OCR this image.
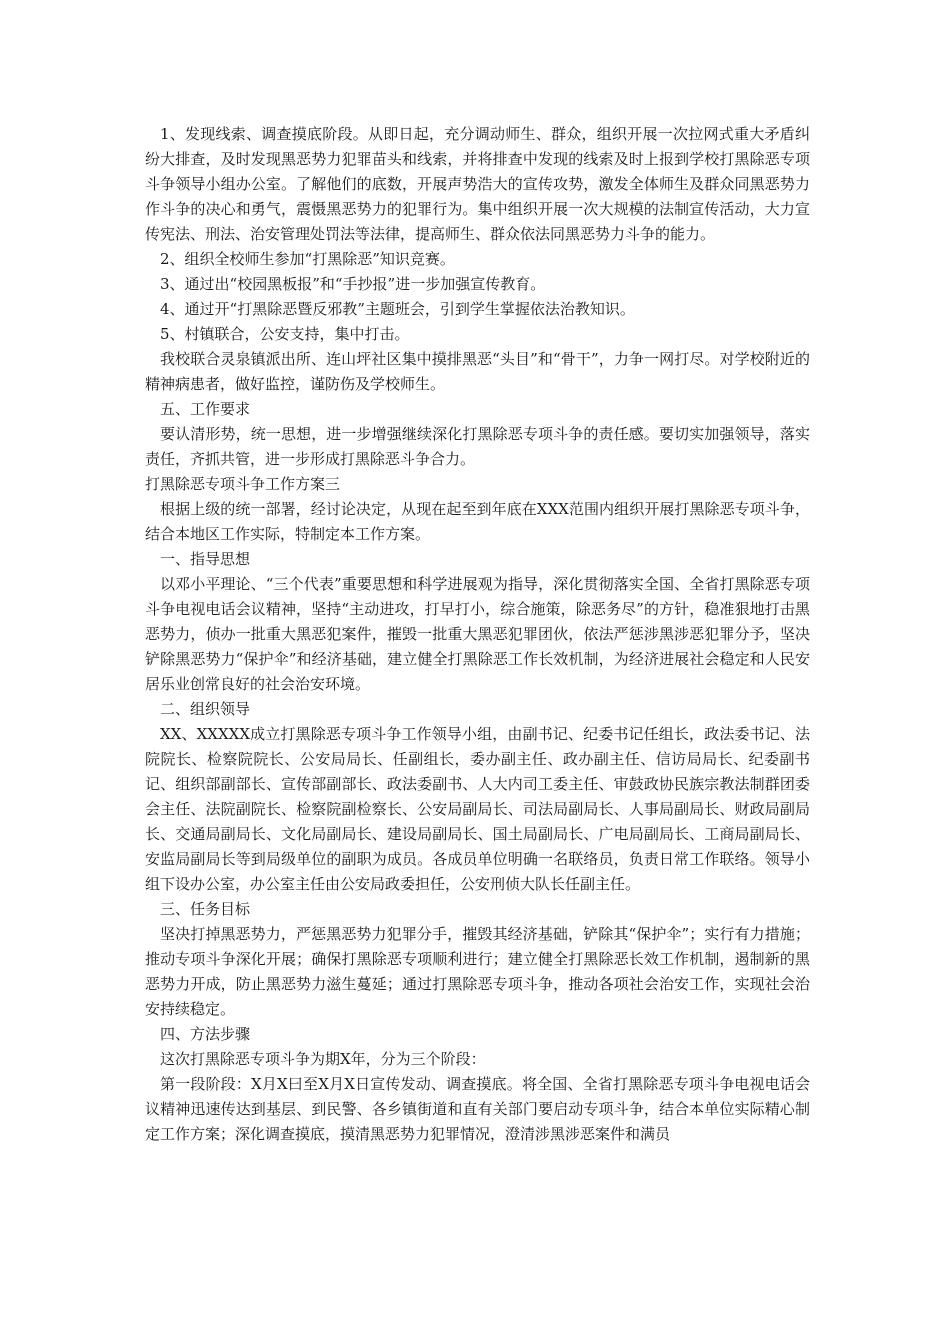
1、发现线索、调查摸底阶段。从即日起，充分调动师生、群众，组织开展一次拉网式重大矛盾纠纷大排查，及时发现黑恶势力犯罪苗头和线索，并将排查中发现的线索及时上报到学校打黑除恶专项斗争领导小组办公室。了解他们的底数，开展声势浩大的宣传攻势，激发全体师生及群众同黑恶势力作斗争的决心和勇气，震慑黑恶势力的犯罪行为。集中组织开展一次大规模的法制宣传活动，大力宣传宪法、刑法、治安管理处罚法等法律，提高师生、群众依法同黑恶势力斗争的能力。

2、组织全校师生参加“打黑除恶”知识竞赛。

3、通过出“校园黑板报”和“手抄报”进一步加强宣传教育。

4、通过开“打黑除恶暨反邪教”主题班会，引到学生掌握依法治教知识。

5、村镇联合，公安支持，集中打击。

我校联合灵泉镇派出所、连山坪社区集中摸排黑恶“头目”和“骨干”，力争一网打尽。对学校附近的精神病患者，做好监控，谨防伤及学校师生。

五、工作要求

要认清形势，统一思想，进一步增强继续深化打黑除恶专项斗争的责任感。要切实加强领导，落实责任，齐抓共管，进一步形成打黑除恶斗争合力。

打黑除恶专项斗争工作方案三

根据上级的统一部署，经讨论决定，从现在起至到年底在XXX范围内组织开展打黑除恶专项斗争，结合本地区工作实际，特制定本工作方案。

一、指导思想

以邓小平理论、“三个代表”重要思想和科学进展观为指导，深化贯彻落实全国、全省打黑除恶专项斗争电视电话会议精神，坚持“主动进攻，打早打小，综合施策，除恶务尽”的方针，稳准狠地打击黑恶势力，侦办一批重大黑恶犯案件，摧毁一批重大黑恶犯罪团伙，依法严惩涉黑涉恶犯罪分予，坚决铲除黑恶势力“保护伞”和经济基础，建立健全打黑除恶工作长效机制，为经济进展社会稳定和人民安居乐业创常良好的社会治安环境。

二、组织领导

XX、XXXXX成立打黑除恶专项斗争工作领导小组，由副书记、纪委书记任组长，政法委书记、法院院长、检察院院长、公安局局长、任副组长，委办副主任、政办副主任、信访局局长、纪委副书记、组织部副部长、宣传部副部长、政法委副书、人大内司工委主任、审鼓政协民族宗教法制群团委会主任、法院副院长、检察院副检察长、公安局副局长、司法局副局长、人事局副局长、财政局副局长、交通局副局长、文化局副局长、建设局副局长、国土局副局长、广电局副局长、工商局副局长、安监局副局长等到局级单位的副职为成员。各成员单位明确一名联络员，负责日常工作联络。领导小组下设办公室，办公室主任由公安局政委担任，公安刑侦大队长任副主任。

三、任务目标

坚决打掉黑恶势力，严惩黑恶势力犯罪分手，摧毁其经济基础，铲除其“保护伞”；实行有力措施；推动专项斗争深化开展；确保打黑除恶专项顺利进行；建立健全打黑除恶长效工作机制，遏制新的黑恶势力开成，防止黑恶势力滋生蔓延；通过打黑除恶专项斗争，推动各项社会治安工作，实现社会治安持续稳定。

四、方法步骤

这次打黑除恶专项斗争为期X年，分为三个阶段：

第一段阶段：X月X曰至X月X日宣传发动、调查摸底。将全国、全省打黑除恶专项斗争电视电话会议精神迅速传达到基层、到民警、各乡镇街道和直有关部门要启动专项斗争，结合本单位实际精心制定工作方案；深化调查摸底，摸清黑恶势力犯罪情况，澄清涉黑涉恶案件和满员
